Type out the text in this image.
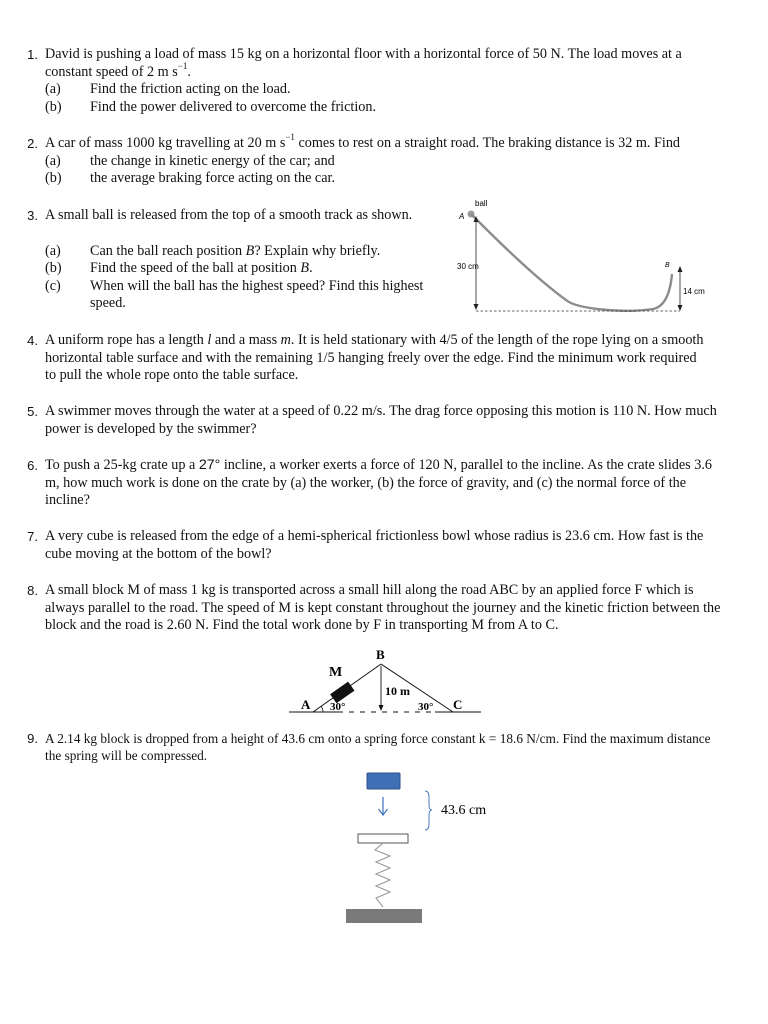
1. David is pushing a load of mass 15 kg on a horizontal floor with a horizontal force of 50 N. The load moves at a
constant speed of 2 m $s^{-1}$.
(a)	Find the friction acting on the load.
(b)	Find the power delivered to overcome the friction.
2. A car of mass 1000 kg travelling at 20 m $s^{-1}$ comes to rest on a straight road. The braking distance is 32 m. Find
(a)	the change in kinetic energy of the car; and
(b)	the average braking force acting on the car.
3. A small ball is released from the top of a smooth track as shown.
(a)	Can the ball reach position B? Explain why briefly.
(b)	Find the speed of the ball at position B.
(c)	When will the ball has the highest speed? Find this highest speed.
ball
A
30 cm	B
14 cm
4. A uniform rope has a length l and a mass m. It is held stationary with 4/5 of the length of the rope lying on a smooth horizontal table surface and with the remaining 1/5 hanging freely over the edge. Find the minimum work required to pull the whole rope onto the table surface.
5. A swimmer moves through the water at a speed of 0.22 m/s. The drag force opposing this motion is 110 N. How much power is developed by the swimmer?
6. To push a 25-kg crate up a 27° incline, a worker exerts a force of 120 N, parallel to the incline. As the crate slides 3.6 m, how much work is done on the crate by (a) the worker, (b) the force of gravity, and (c) the normal force of the incline?
7. A very cube is released from the edge of a hemi-spherical frictionless bowl whose radius is 23.6 cm. How fast is the cube moving at the bottom of the bowl?
8. A small block M of mass 1 kg is transported across a small hill along the road ABC by an applied force F which is always parallel to the road. The speed of M is kept constant throughout the journey and the kinetic friction between the block and the road is 2.60 N. Find the total work done by F in transporting M from A to C.
M
B
A	C
10 m
30°	30°
9. A 2.14 kg block is dropped from a height of 43.6 cm onto a spring force constant k = 18.6 N/cm. Find the maximum distance the spring will be compressed.
43.6 cm
